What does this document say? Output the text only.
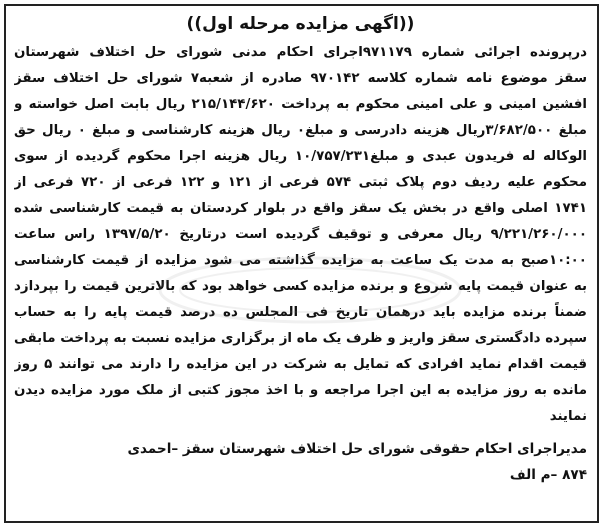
((اگهی مزایده مرحله اول))
درپرونده اجرائی شماره ۹۷۱۱۷۹اجرای احکام مدنی شورای حل اختلاف شهرستان
سقز موضوع نامه شماره کلاسه ۹۷۰۱۴۲ صادره از شعبه۷ شورای حل اختلاف سقز
افشین امینی و علی امینی محکوم به پرداخت ۲۱۵/۱۴۴/۶۲۰ ریال بابت اصل خواسته و
مبلغ ۳/۶۸۲/۵۰۰ریال هزینه دادرسی و مبلغ۰ ریال هزینه کارشناسی و مبلغ ۰ ریال حق
الوکاله له فریدون عبدی و مبلغ۱۰/۷۵۷/۲۳۱ ریال هزینه اجرا محکوم گردیده از سوی
محکوم علیه ردیف دوم پلاک ثبتی ۵۷۴ فرعی از ۱۲۱ و ۱۲۲ فرعی از ۷۲۰ فرعی از
۱۷۴۱ اصلی واقع در بخش یک سقز واقع در بلوار کردستان به قیمت کارشناسی شده
۹/۲۲۱/۲۶۰/۰۰۰ ریال معرفی و توقیف گردیده است درتاریخ ۱۳۹۷/۵/۲۰ راس ساعت
۱۰:۰۰صبح به مدت یک ساعت به مزایده گذاشته می شود مزایده از قیمت کارشناسی
به عنوان قیمت پایه شروع و برنده مزایده کسی خواهد بود که بالاترین قیمت را بپردازد
ضمناً برنده مزایده باید درهمان تاریخ فی المجلس ده درصد قیمت پایه را به حساب
سپرده دادگستری سقز واریز و ظرف یک ماه از برگزاری مزایده نسبت به پرداخت مابقی
قیمت اقدام نماید افرادی که تمایل به شرکت در این مزایده را دارند می توانند ۵ روز
مانده به روز مزایده به این اجرا مراجعه و با اخذ مجوز کتبی از ملک مورد مزایده دیدن
نمایند
مدیراجرای احکام حقوقی شورای حل اختلاف شهرستان سقز –احمدی
۸۷۴ –م الف
